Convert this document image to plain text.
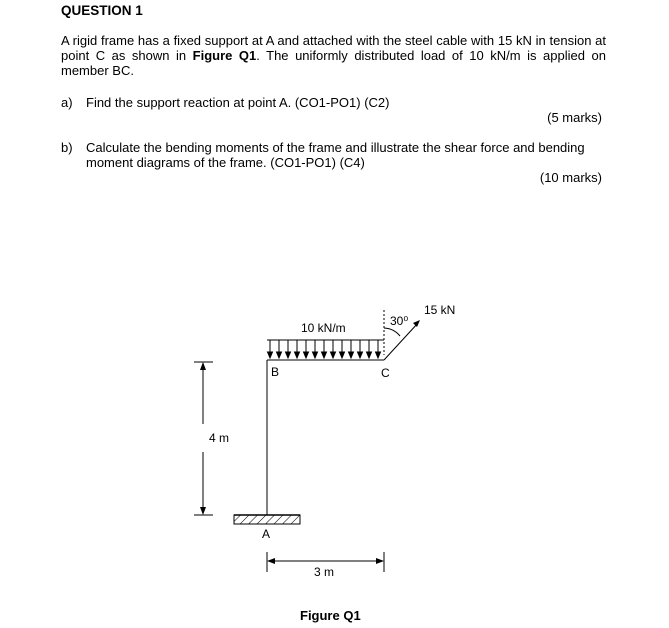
QUESTION 1
A rigid frame has a fixed support at A and attached with the steel cable with 15 kN in tension at point C as shown in Figure Q1. The uniformly distributed load of 10 kN/m is applied on member BC.
a) Find the support reaction at point A. (CO1-PO1) (C2)
(5 marks)
b) Calculate the bending moments of the frame and illustrate the shear force and bending
moment diagrams of the frame. (CO1-PO1) (C4)
(10 marks)
10 kN/m	30⁰
15 kN
B	C
A
4 m
3 m
Figure Q1
